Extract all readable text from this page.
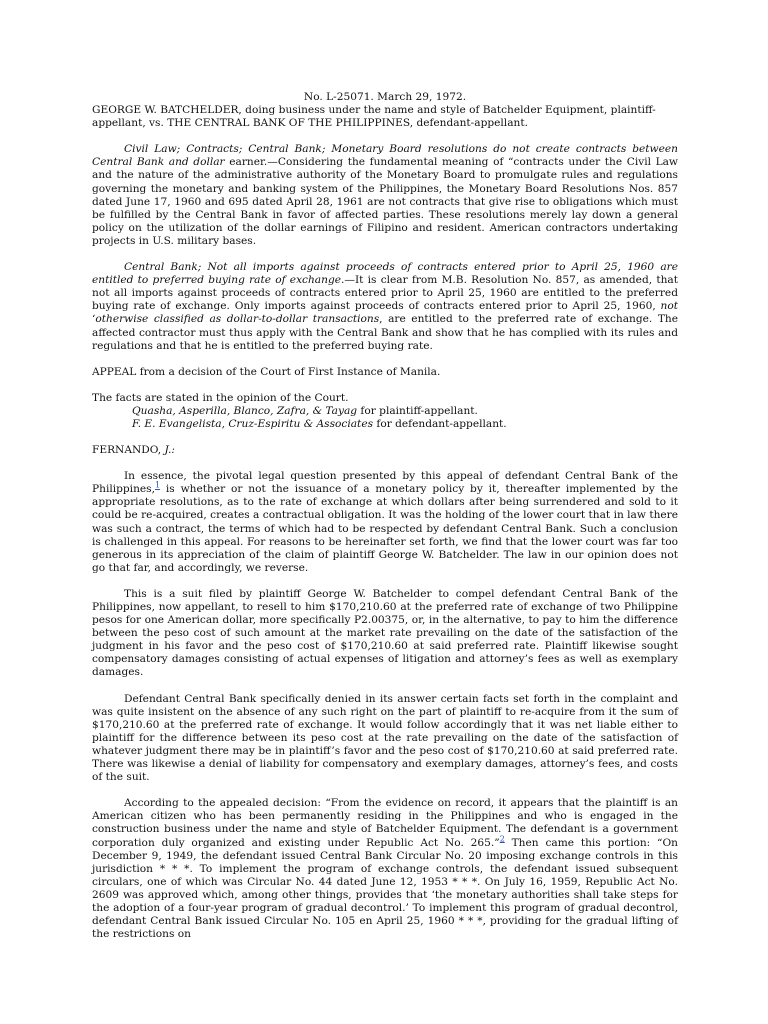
No. L-25071. March 29, 1972.

GEORGE W. BATCHELDER, doing business under the name and style of Batchelder Equipment, plaintiff-appellant, vs. THE CENTRAL BANK OF THE PHILIPPINES, defendant-appellant.

Civil Law; Contracts; Central Bank; Monetary Board resolutions do not create contracts between Central Bank and dollar earner.—Considering the fundamental meaning of “contracts under the Civil Law and the nature of the administrative authority of the Monetary Board to promulgate rules and regulations governing the monetary and banking system of the Philippines, the Monetary Board Resolutions Nos. 857 dated June 17, 1960 and 695 dated April 28, 1961 are not contracts that give rise to obligations which must be fulfilled by the Central Bank in favor of affected parties. These resolutions merely lay down a general policy on the utilization of the dollar earnings of Filipino and resident. American contractors undertaking projects in U.S. military bases.

Central Bank; Not all imports against proceeds of contracts entered prior to April 25, 1960 are entitled to preferred buying rate of exchange.—It is clear from M.B. Resolution No. 857, as amended, that not all imports against proceeds of contracts entered prior to April 25, 1960 are entitled to the preferred buying rate of exchange. Only imports against proceeds of contracts entered prior to April 25, 1960, not ‘otherwise classified as dollar-to-dollar transactions, are entitled to the preferred rate of exchange. The affected contractor must thus apply with the Central Bank and show that he has complied with its rules and regulations and that he is entitled to the preferred buying rate.

APPEAL from a decision of the Court of First Instance of Manila.

The facts are stated in the opinion of the Court.

Quasha, Asperilla, Blanco, Zafra, & Tayag for plaintiff-appellant.

F. E. Evangelista, Cruz-Espiritu & Associates for defendant-appellant.

FERNANDO, J.:

In essence, the pivotal legal question presented by this appeal of defendant Central Bank of the Philippines,$^1$ is whether or not the issuance of a monetary policy by it, thereafter implemented by the appropriate resolutions, as to the rate of exchange at which dollars after being surrendered and sold to it could be re-acquired, creates a contractual obligation. It was the holding of the lower court that in law there was such a contract, the terms of which had to be respected by defendant Central Bank. Such a conclusion is challenged in this appeal. For reasons to be hereinafter set forth, we find that the lower court was far too generous in its appreciation of the claim of plaintiff George W. Batchelder. The law in our opinion does not go that far, and accordingly, we reverse.

This is a suit filed by plaintiff George W. Batchelder to compel defendant Central Bank of the Philippines, now appellant, to resell to him $170,210.60 at the preferred rate of exchange of two Philippine pesos for one American dollar, more specifically P2.00375, or, in the alternative, to pay to him the difference between the peso cost of such amount at the market rate prevailing on the date of the satisfaction of the judgment in his favor and the peso cost of $170,210.60 at said preferred rate. Plaintiff likewise sought compensatory damages consisting of actual expenses of litigation and attorney’s fees as well as exemplary damages.

Defendant Central Bank specifically denied in its answer certain facts set forth in the complaint and was quite insistent on the absence of any such right on the part of plaintiff to re-acquire from it the sum of $170,210.60 at the preferred rate of exchange. It would follow accordingly that it was net liable either to plaintiff for the difference between its peso cost at the rate prevailing on the date of the satisfaction of whatever judgment there may be in plaintiff’s favor and the peso cost of $170,210.60 at said preferred rate. There was likewise a denial of liability for compensatory and exemplary damages, attorney’s fees, and costs of the suit.

According to the appealed decision: “From the evidence on record, it appears that the plaintiff is an American citizen who has been permanently residing in the Philippines and who is engaged in the construction business under the name and style of Batchelder Equipment. The defendant is a government corporation duly organized and existing under Republic Act No. 265.”$^2$ Then came this portion: “On December 9, 1949, the defendant issued Central Bank Circular No. 20 imposing exchange controls in this jurisdiction * * *. To implement the program of exchange controls, the defendant issued subsequent circulars, one of which was Circular No. 44 dated June 12, 1953 * * *. On July 16, 1959, Republic Act No. 2609 was approved which, among other things, provides that ‘the monetary authorities shall take steps for the adoption of a four-year program of gradual decontrol.’ To implement this program of gradual decontrol, defendant Central Bank issued Circular No. 105 en April 25, 1960 * * *, providing for the gradual lifting of the restrictions on
